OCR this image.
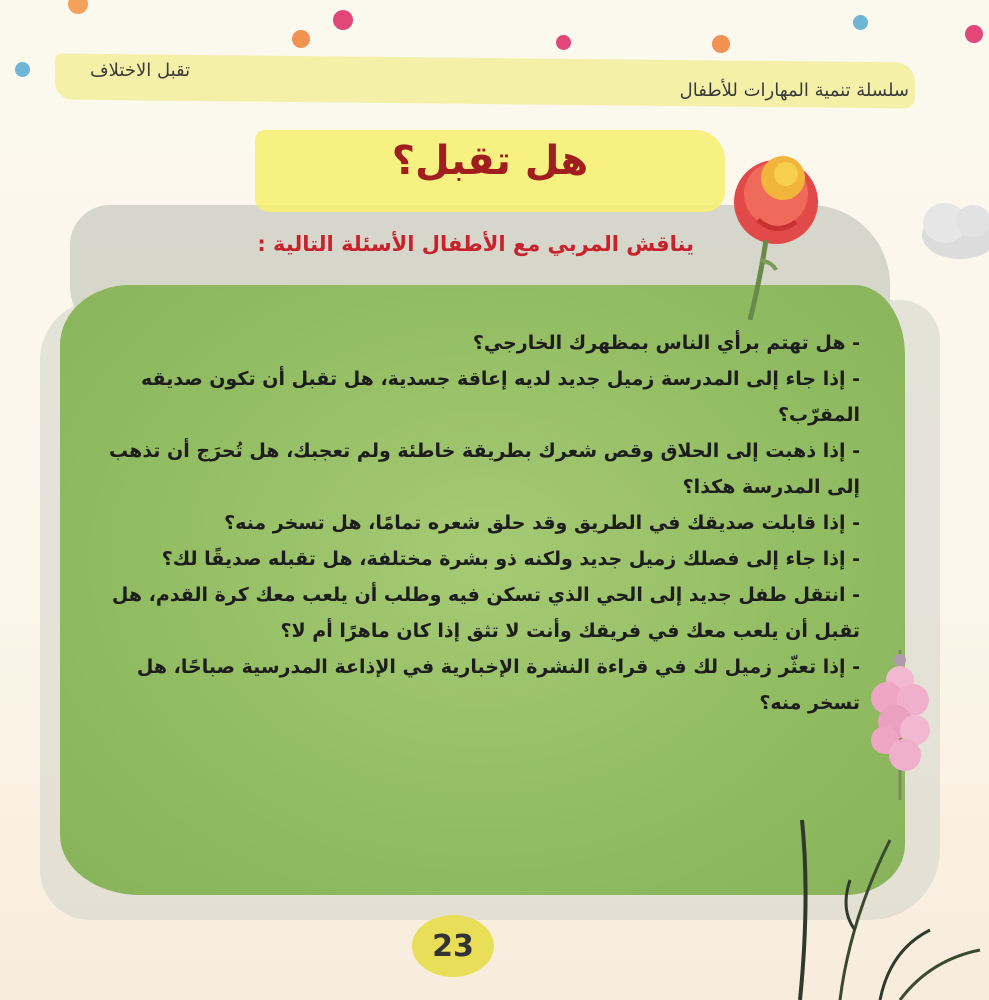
تقبل الاختلاف
سلسلة تنمية المهارات للأطفال
هل تقبل؟
يناقش المربي مع الأطفال الأسئلة التالية :
- هل تهتم برأي الناس بمظهرك الخارجي؟
- إذا جاء إلى المدرسة زميل جديد لديه إعاقة جسدية، هل تقبل أن تكون صديقه المقرّب؟
- إذا ذهبت إلى الحلاق وقص شعرك بطريقة خاطئة ولم تعجبك، هل تُحرَج أن تذهب إلى المدرسة هكذا؟
- إذا قابلت صديقك في الطريق وقد حلق شعره تمامًا، هل تسخر منه؟
- إذا جاء إلى فصلك زميل جديد ولكنه ذو بشرة مختلفة، هل تقبله صديقًا لك؟
- انتقل طفل جديد إلى الحي الذي تسكن فيه وطلب أن يلعب معك كرة القدم، هل تقبل أن يلعب معك في فريقك وأنت لا تثق إذا كان ماهرًا أم لا؟
- إذا تعثّر زميل لك في قراءة النشرة الإخبارية في الإذاعة المدرسية صباحًا، هل تسخر منه؟
23
